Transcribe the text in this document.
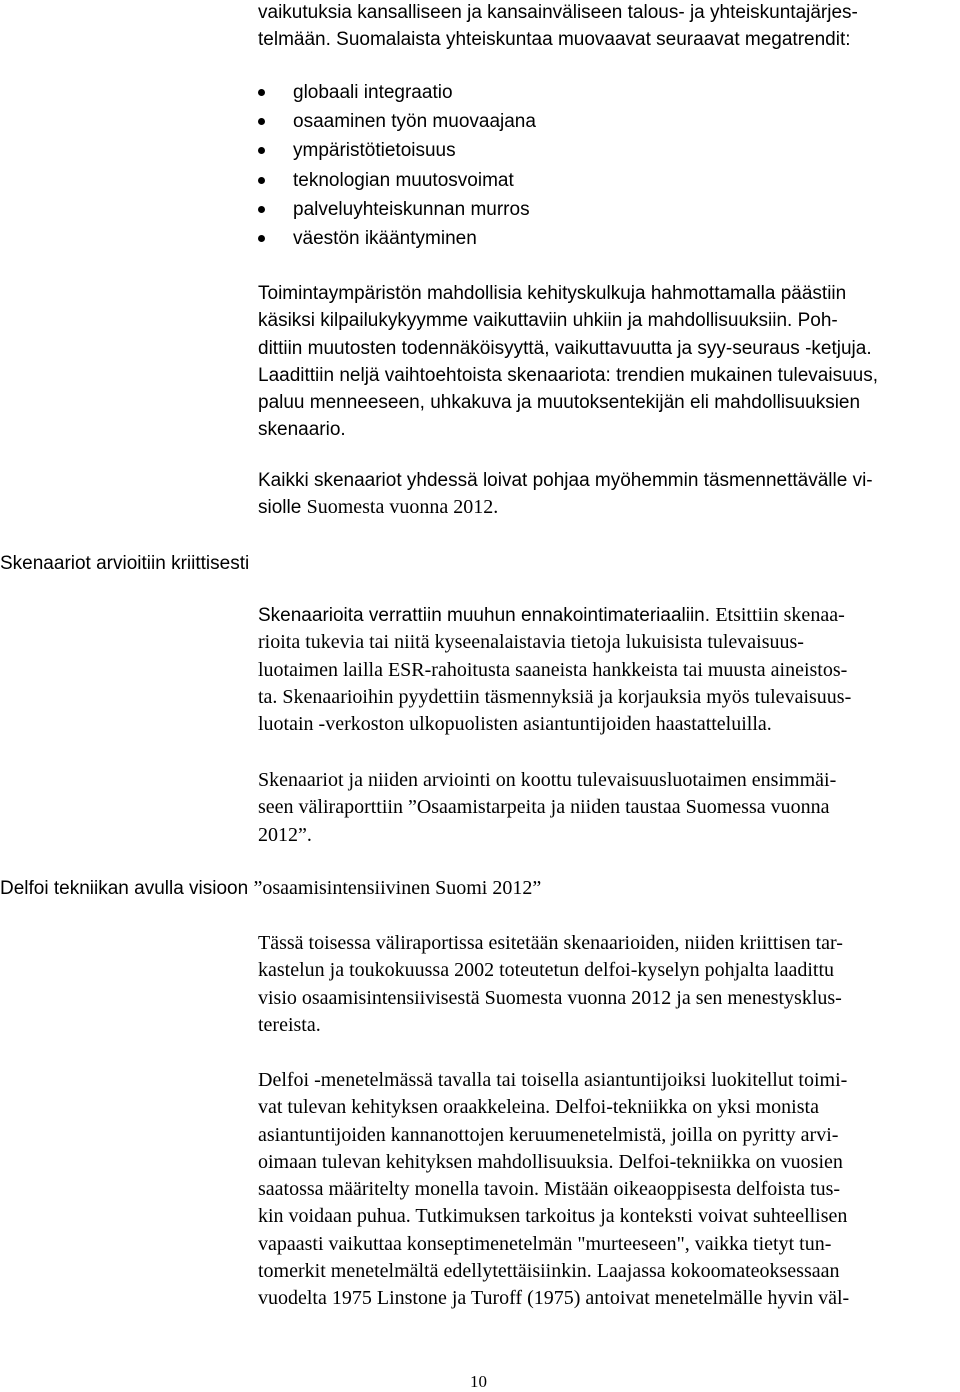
vaikutuksia kansalliseen ja kansainväliseen talous- ja yhteiskuntajärjes-
telmään. Suomalaista yhteiskuntaa muovaavat seuraavat megatrendit:
globaali integraatio
osaaminen työn muovaajana
ympäristötietoisuus
teknologian muutosvoimat
palveluyhteiskunnan murros
väestön ikääntyminen
Toimintaympäristön mahdollisia kehityskulkuja hahmottamalla päästiin
käsiksi kilpailukykyymme vaikuttaviin uhkiin ja mahdollisuuksiin. Poh-
dittiin muutosten todennäköisyyttä, vaikuttavuutta ja syy-seuraus -ketjuja.
Laadittiin neljä vaihtoehtoista skenaariota: trendien mukainen tulevaisuus,
paluu menneeseen, uhkakuva ja muutoksentekijän eli mahdollisuuksien
skenaario.
Kaikki skenaariot yhdessä loivat pohjaa myöhemmin täsmennettävälle vi-
siolle Suomesta vuonna 2012.
Skenaariot arvioitiin kriittisesti
Skenaarioita verrattiin muuhun ennakointimateriaaliin. Etsittiin skenaa-
rioita tukevia tai niitä kyseenalaistavia tietoja lukuisista tulevaisuus-
luotaimen lailla ESR-rahoitusta saaneista hankkeista tai muusta aineistos-
ta. Skenaarioihin pyydettiin täsmennyksiä ja korjauksia myös tulevaisuus-
luotain -verkoston ulkopuolisten asiantuntijoiden haastatteluilla.
Skenaariot ja niiden arviointi on koottu tulevaisuusluotaimen ensimmäi-
seen väliraporttiin ”Osaamistarpeita ja niiden taustaa Suomessa vuonna
2012”.
Delfoi tekniikan avulla visioon ”osaamisintensiivinen Suomi 2012”
Tässä toisessa väliraportissa esitetään skenaarioiden, niiden kriittisen tar-
kastelun ja toukokuussa 2002 toteutetun delfoi-kyselyn pohjalta laadittu
visio osaamisintensiivisestä Suomesta vuonna 2012 ja sen menestysklus-
tereista.
Delfoi -menetelmässä tavalla tai toisella asiantuntijoiksi luokitellut toimi-
vat tulevan kehityksen oraakkeleina. Delfoi-tekniikka on yksi monista
asiantuntijoiden kannanottojen keruumenetelmistä, joilla on pyritty arvi-
oimaan tulevan kehityksen mahdollisuuksia. Delfoi-tekniikka on vuosien
saatossa määritelty monella tavoin. Mistään oikeaoppisesta delfoista tus-
kin voidaan puhua. Tutkimuksen tarkoitus ja konteksti voivat suhteellisen
vapaasti vaikuttaa konseptimenetelmän "murteeseen", vaikka tietyt tun-
tomerkit menetelmältä edellytettäisiinkin. Laajassa kokoomateoksessaan
vuodelta 1975 Linstone ja Turoff (1975) antoivat menetelmälle hyvin väl-
10
